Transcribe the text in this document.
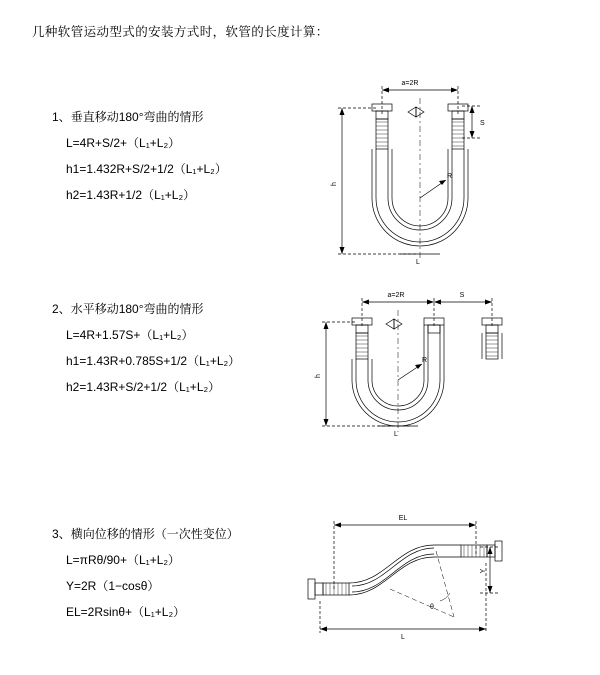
几种软管运动型式的安装方式时，软管的长度计算：
1、垂直移动180°弯曲的情形
L=4R+S/2+（L₁+L₂）
h1=1.432R+S/2+1/2（L₁+L₂）
h2=1.43R+1/2（L₁+L₂）
a=2R
h
S
R
L
2、水平移动180°弯曲的情形
L=4R+1.57S+（L₁+L₂）
h1=1.43R+0.785S+1/2（L₁+L₂）
h2=1.43R+S/2+1/2（L₁+L₂）
a=2R	S
h
R
L
3、横向位移的情形（一次性变位）
L=πRθ/90+（L₁+L₂）
Y=2R（1−cosθ）
EL=2Rsinθ+（L₁+L₂）
EL
Y
θ
L
